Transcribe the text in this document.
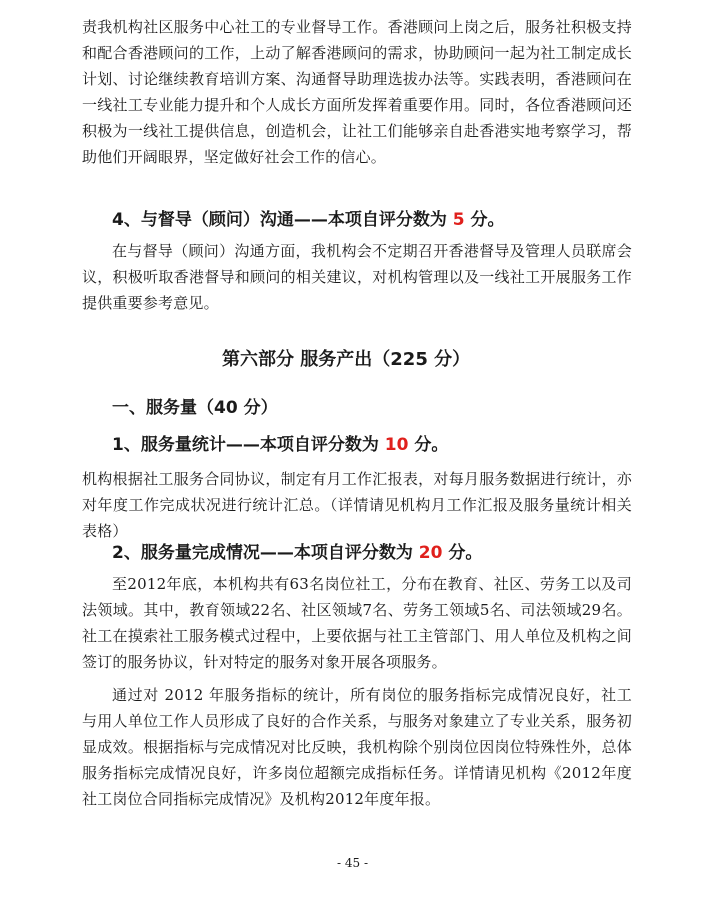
责我机构社区服务中心社工的专业督导工作。香港顾问上岗之后，服务社积极支持和配合香港顾问的工作，上动了解香港顾问的需求，协助顾问一起为社工制定成长计划、讨论继续教育培训方案、沟通督导助理选拔办法等。实践表明，香港顾问在一线社工专业能力提升和个人成长方面所发挥着重要作用。同时，各位香港顾问还积极为一线社工提供信息，创造机会，让社工们能够亲自赴香港实地考察学习，帮助他们开阔眼界，坚定做好社会工作的信心。

4、与督导（顾问）沟通——本项自评分数为 5 分。

在与督导（顾问）沟通方面，我机构会不定期召开香港督导及管理人员联席会议，积极听取香港督导和顾问的相关建议，对机构管理以及一线社工开展服务工作提供重要参考意见。

第六部分 服务产出（225 分）
一、服务量（40 分）
1、服务量统计——本项自评分数为 10 分。

机构根据社工服务合同协议，制定有月工作汇报表，对每月服务数据进行统计，亦对年度工作完成状况进行统计汇总。（详情请见机构月工作汇报及服务量统计相关表格）

2、服务量完成情况——本项自评分数为 20 分。

至2012年底，本机构共有63名岗位社工，分布在教育、社区、劳务工以及司法领域。其中，教育领域22名、社区领域7名、劳务工领域5名、司法领域29名。社工在摸索社工服务模式过程中，上要依据与社工主管部门、用人单位及机构之间签订的服务协议，针对特定的服务对象开展各项服务。

通过对 2012 年服务指标的统计，所有岗位的服务指标完成情况良好，社工与用人单位工作人员形成了良好的合作关系，与服务对象建立了专业关系，服务初显成效。根据指标与完成情况对比反映，我机构除个别岗位因岗位特殊性外，总体服务指标完成情况良好，许多岗位超额完成指标任务。详情请见机构《2012年度社工岗位合同指标完成情况》及机构2012年度年报。

- 45 -
